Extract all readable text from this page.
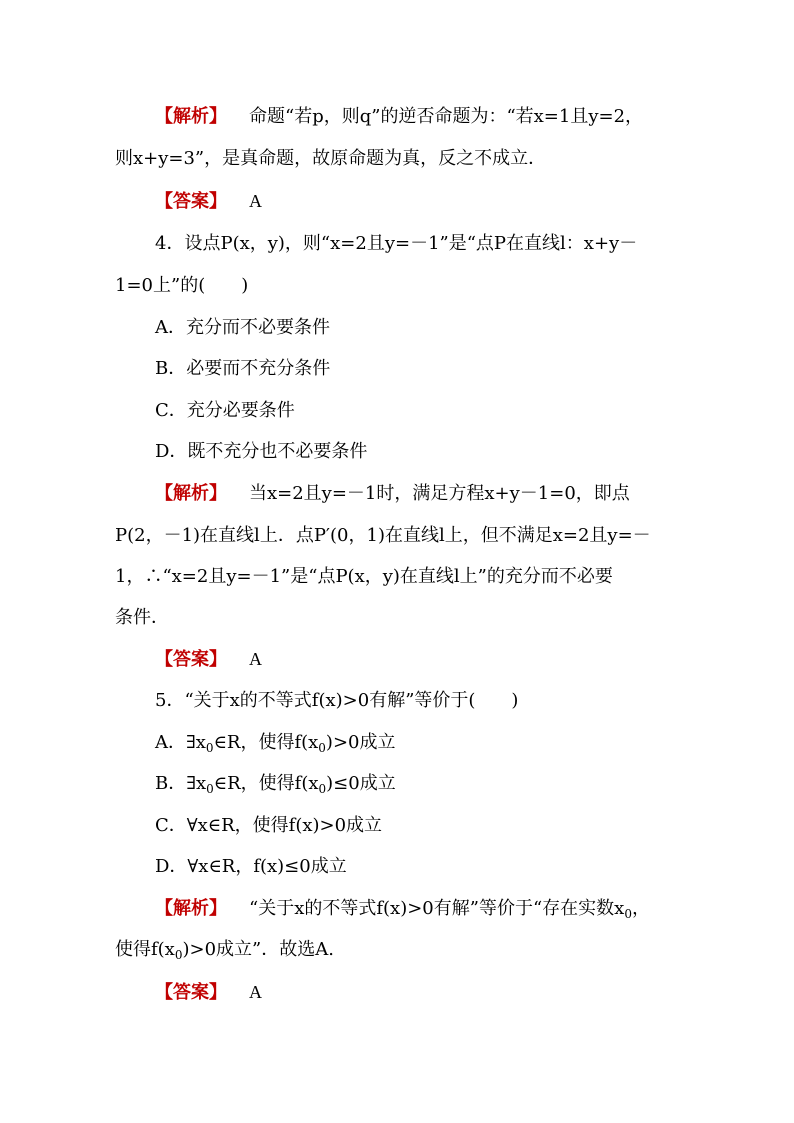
【解析】 命题“若p，则q”的逆否命题为：“若x=1且y=2，
则x+y=3”，是真命题，故原命题为真，反之不成立．
【答案】 A
4．设点P(x，y)，则“x=2且y=－1”是“点P在直线l：x+y－
1=0上”的(　　)
A．充分而不必要条件
B．必要而不充分条件
C．充分必要条件
D．既不充分也不必要条件
【解析】 当x=2且y=－1时，满足方程x+y－1=0，即点
P(2，－1)在直线l上．点P′(0，1)在直线l上，但不满足x=2且y=－
1，∴“x=2且y=－1”是“点P(x，y)在直线l上”的充分而不必要
条件．
【答案】 A
5．“关于x的不等式f(x)>0有解”等价于(　　)
A．$\exists x_0\in R$，使得$f(x_0)>0$成立
B．$\exists x_0\in R$，使得$f(x_0)\le 0$成立
C．∀x∈R，使得f(x)>0成立
D．∀x∈R，f(x)≤0成立
【解析】 “关于x的不等式f(x)>0有解”等价于“存在实数$x_0$，
使得$f(x_0)>0$成立”．故选A.
【答案】 A
